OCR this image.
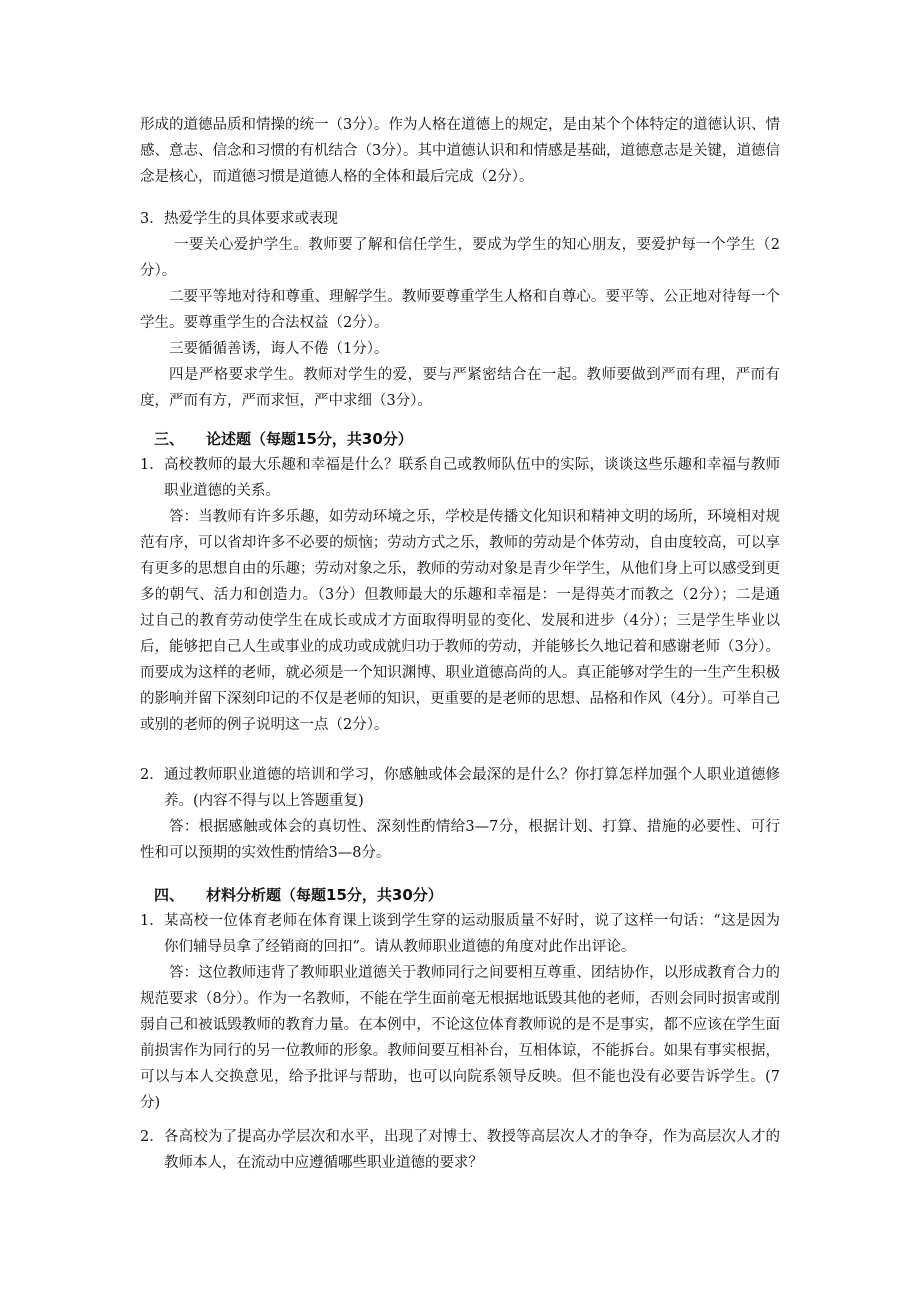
形成的道德品质和情操的统一（3分）。作为人格在道德上的规定，是由某个个体特定的道德认识、情感、意志、信念和习惯的有机结合（3分）。其中道德认识和和情感是基础，道德意志是关键，道德信念是核心，而道德习惯是道德人格的全体和最后完成（2分）。

3． 热爱学生的具体要求或表现

一要关心爱护学生。教师要了解和信任学生，要成为学生的知心朋友，要爱护每一个学生（2分）。

二要平等地对待和尊重、理解学生。教师要尊重学生人格和自尊心。要平等、公正地对待每一个学生。要尊重学生的合法权益（2分）。

三要循循善诱，诲人不倦（1分）。

四是严格要求学生。教师对学生的爱，要与严紧密结合在一起。教师要做到严而有理，严而有度，严而有方，严而求恒，严中求细（3分）。

三、 论述题（每题15分，共30分）
1． 高校教师的最大乐趣和幸福是什么？联系自己或教师队伍中的实际，谈谈这些乐趣和幸福与教师职业道德的关系。

答：当教师有许多乐趣，如劳动环境之乐，学校是传播文化知识和精神文明的场所，环境相对规范有序，可以省却许多不必要的烦恼；劳动方式之乐，教师的劳动是个体劳动，自由度较高，可以享有更多的思想自由的乐趣；劳动对象之乐，教师的劳动对象是青少年学生，从他们身上可以感受到更多的朝气、活力和创造力。（3分）但教师最大的乐趣和幸福是：一是得英才而教之（2分）；二是通过自己的教育劳动使学生在成长或成才方面取得明显的变化、发展和进步（4分）；三是学生毕业以后，能够把自己人生或事业的成功或成就归功于教师的劳动，并能够长久地记着和感谢老师（3分）。而要成为这样的老师，就必须是一个知识渊博、职业道德高尚的人。真正能够对学生的一生产生积极的影响并留下深刻印记的不仅是老师的知识，更重要的是老师的思想、品格和作风（4分）。可举自己或别的老师的例子说明这一点（2分）。

2． 通过教师职业道德的培训和学习，你感触或体会最深的是什么？你打算怎样加强个人职业道德修养。(内容不得与以上答题重复)

答：根据感触或体会的真切性、深刻性酌情给3—7分，根据计划、打算、措施的必要性、可行性和可以预期的实效性酌情给3—8分。

四、 材料分析题（每题15分，共30分）
1． 某高校一位体育老师在体育课上谈到学生穿的运动服质量不好时，说了这样一句话：“这是因为你们辅导员拿了经销商的回扣”。请从教师职业道德的角度对此作出评论。

答：这位教师违背了教师职业道德关于教师同行之间要相互尊重、团结协作，以形成教育合力的规范要求（8分）。作为一名教师，不能在学生面前毫无根据地诋毁其他的老师，否则会同时损害或削弱自己和被诋毁教师的教育力量。在本例中，不论这位体育教师说的是不是事实，都不应该在学生面前损害作为同行的另一位教师的形象。教师间要互相补台，互相体谅，不能拆台。如果有事实根据，可以与本人交换意见，给予批评与帮助，也可以向院系领导反映。但不能也没有必要告诉学生。(7分)

2． 各高校为了提高办学层次和水平，出现了对博士、教授等高层次人才的争夺，作为高层次人才的教师本人，在流动中应遵循哪些职业道德的要求？
